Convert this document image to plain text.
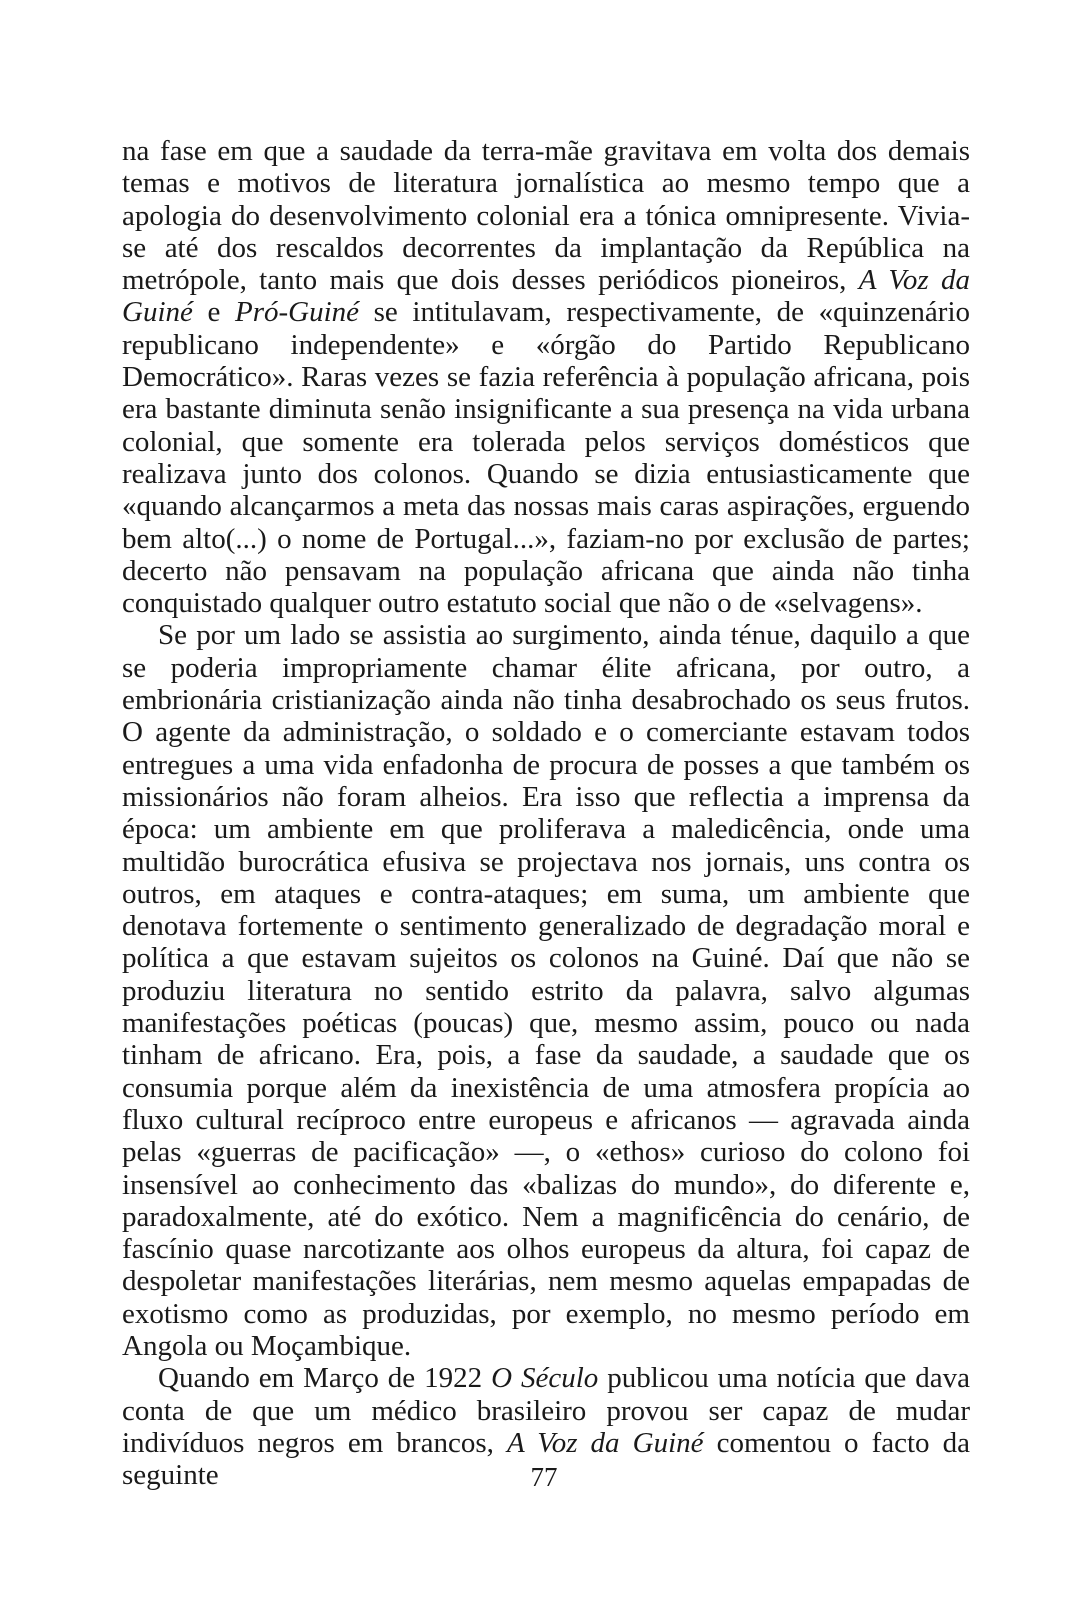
na fase em que a saudade da terra-mãe gravitava em volta dos demais temas e motivos de literatura jornalística ao mesmo tempo que a apologia do desenvolvimento colonial era a tónica omnipresente. Vivia-se até dos rescaldos decorrentes da implantação da República na metrópole, tanto mais que dois desses periódicos pioneiros, A Voz da Guiné e Pró-Guiné se intitulavam, respectivamente, de «quinzenário republicano independente» e «órgão do Partido Republicano Democrático». Raras vezes se fazia referência à população africana, pois era bastante diminuta senão insignificante a sua presença na vida urbana colonial, que somente era tolerada pelos serviços domésticos que realizava junto dos colonos. Quando se dizia entusiasticamente que «quando alcançarmos a meta das nossas mais caras aspirações, erguendo bem alto(...) o nome de Portugal...», faziam-no por exclusão de partes; decerto não pensavam na população africana que ainda não tinha conquistado qualquer outro estatuto social que não o de «selvagens».

Se por um lado se assistia ao surgimento, ainda ténue, daquilo a que se poderia impropriamente chamar élite africana, por outro, a embrionária cristianização ainda não tinha desabrochado os seus frutos. O agente da administração, o soldado e o comerciante estavam todos entregues a uma vida enfadonha de procura de posses a que também os missionários não foram alheios. Era isso que reflectia a imprensa da época: um ambiente em que proliferava a maledicência, onde uma multidão burocrática efusiva se projectava nos jornais, uns contra os outros, em ataques e contra-ataques; em suma, um ambiente que denotava fortemente o sentimento generalizado de degradação moral e política a que estavam sujeitos os colonos na Guiné. Daí que não se produziu literatura no sentido estrito da palavra, salvo algumas manifestações poéticas (poucas) que, mesmo assim, pouco ou nada tinham de africano. Era, pois, a fase da saudade, a saudade que os consumia porque além da inexistência de uma atmosfera propícia ao fluxo cultural recíproco entre europeus e africanos — agravada ainda pelas «guerras de pacificação» —, o «ethos» curioso do colono foi insensível ao conhecimento das «balizas do mundo», do diferente e, paradoxalmente, até do exótico. Nem a magnificência do cenário, de fascínio quase narcotizante aos olhos europeus da altura, foi capaz de despoletar manifestações literárias, nem mesmo aquelas empapadas de exotismo como as produzidas, por exemplo, no mesmo período em Angola ou Moçambique.

Quando em Março de 1922 O Século publicou uma notícia que dava conta de que um médico brasileiro provou ser capaz de mudar indivíduos negros em brancos, A Voz da Guiné comentou o facto da seguinte	77
